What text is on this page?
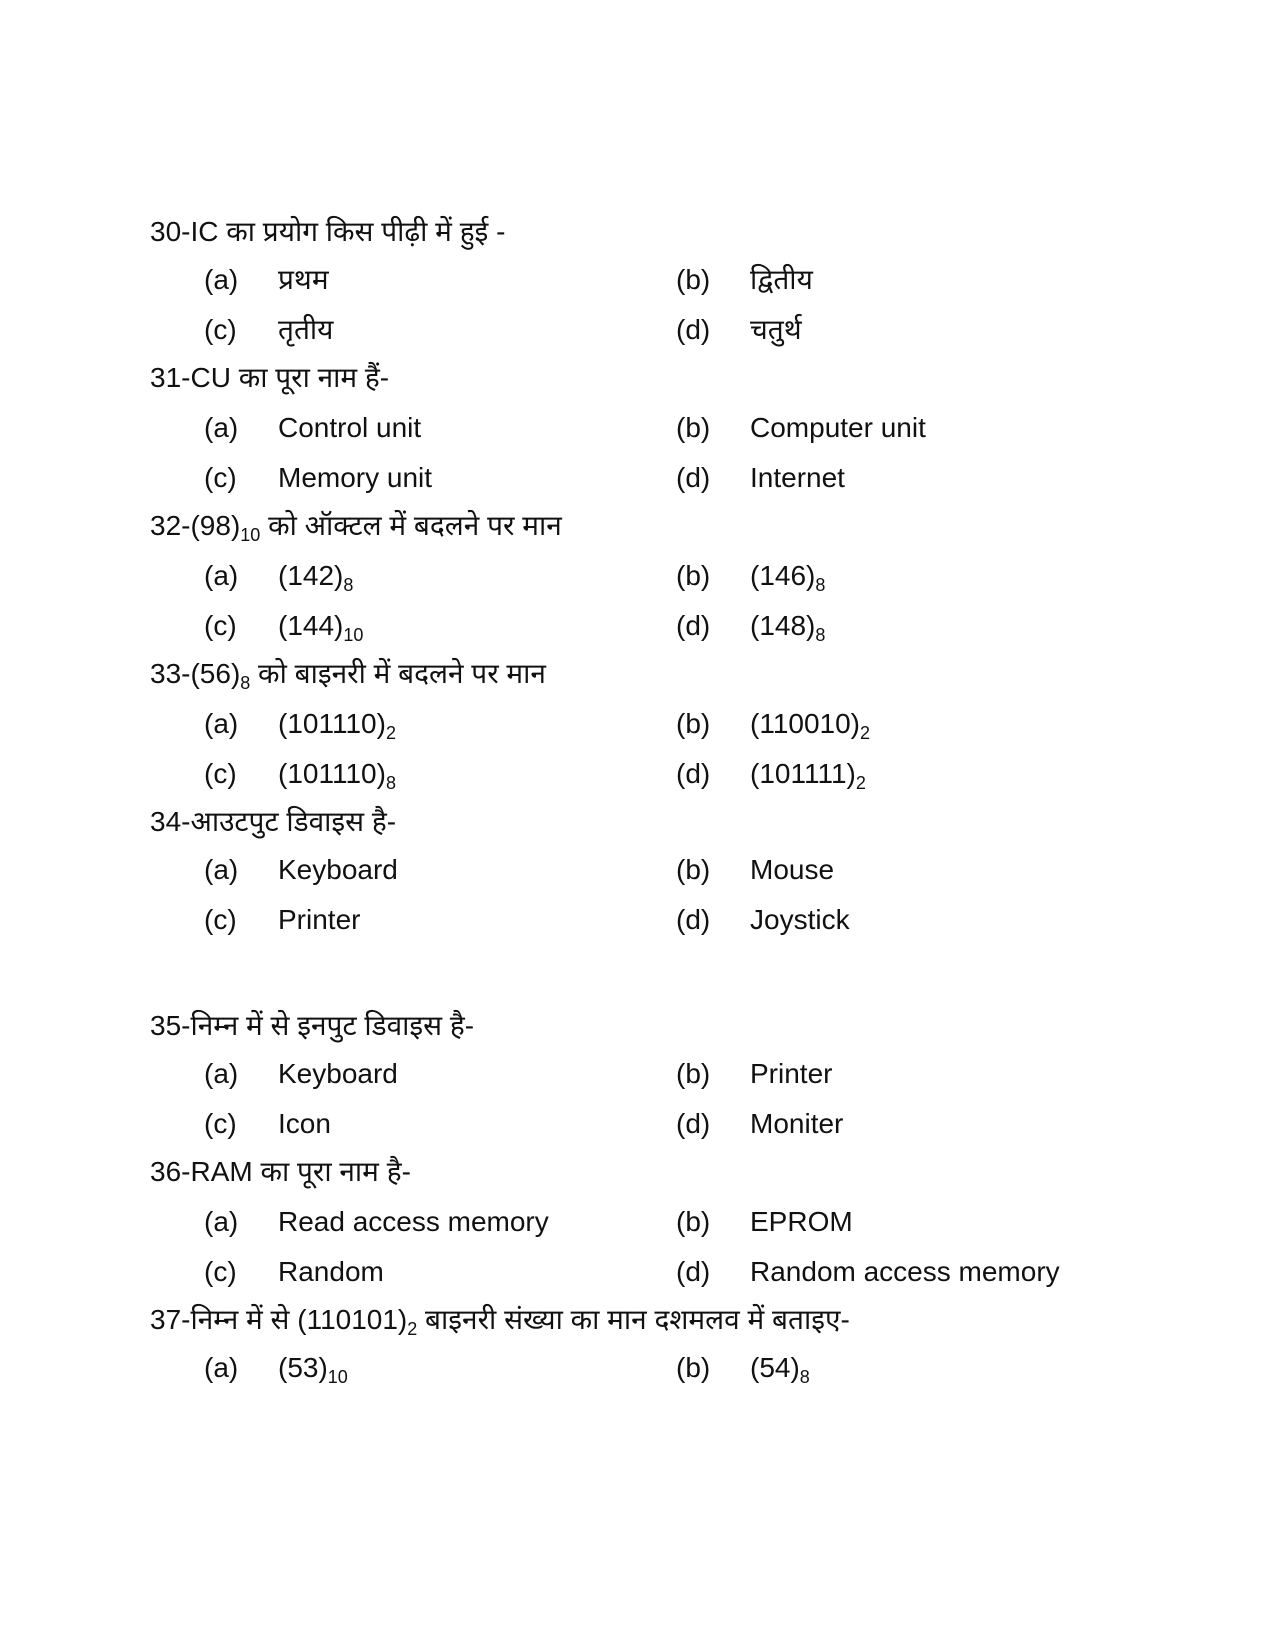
30-IC का प्रयोग किस पीढ़ी में हुई -
(a) प्रथम	(b) द्वितीय
(c) तृतीय	(d) चतुर्थ
31-CU का पूरा नाम हैं-
(a) Control unit	(b) Computer unit
(c) Memory unit	(d) Internet
$32-(98)_{10}$ को ऑक्टल में बदलने पर मान
(a) $(142)_8$	(b) $(146)_8$
(c) $(144)_{10}$	(d) $(148)_8$
$33-(56)_8$ को बाइनरी में बदलने पर मान
(a) $(101110)_2$	(b) $(110010)_2$
(c) $(101110)_8$	(d) $(101111)_2$
34-आउटपुट डिवाइस है-
(a) Keyboard	(b) Mouse
(c) Printer	(d) Joystick
35-निम्न में से इनपुट डिवाइस है-
(a) Keyboard	(b) Printer
(c) Icon	(d) Moniter
36-RAM का पूरा नाम है-
(a) Read access memory	(b) EPROM
(c) Random	(d) Random access memory
37-निम्न में से $(110101)_2$ बाइनरी संख्या का मान दशमलव में बताइए-
(a) $(53)_{10}$	(b) $(54)_8$
